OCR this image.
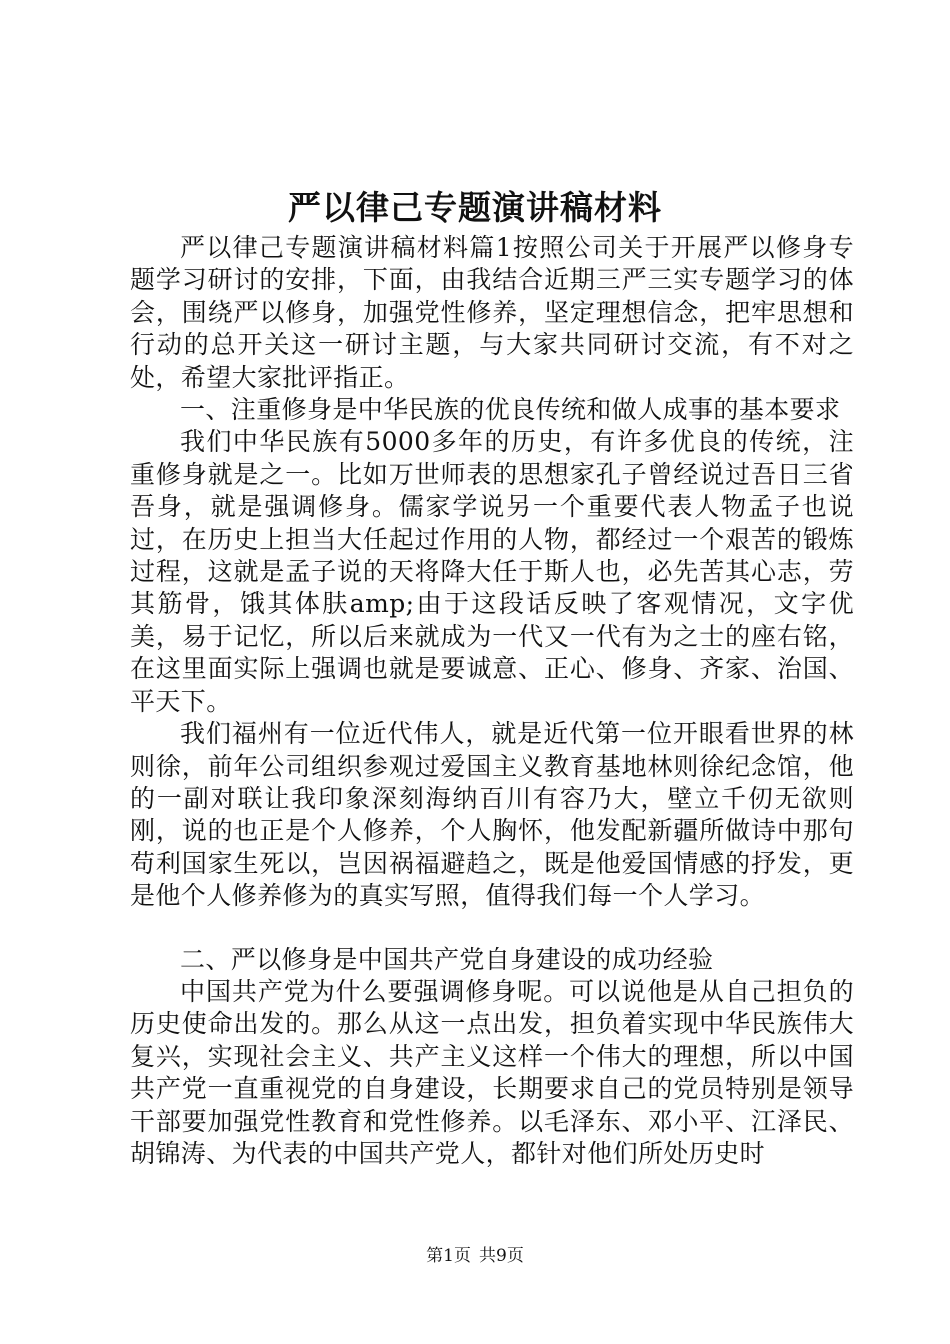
严以律己专题演讲稿材料

严以律己专题演讲稿材料篇1按照公司关于开展严以修身专题学习研讨的安排，下面，由我结合近期三严三实专题学习的体会，围绕严以修身，加强党性修养，坚定理想信念，把牢思想和行动的总开关这一研讨主题，与大家共同研讨交流，有不对之处，希望大家批评指正。

一、注重修身是中华民族的优良传统和做人成事的基本要求

我们中华民族有5000多年的历史，有许多优良的传统，注重修身就是之一。比如万世师表的思想家孔子曾经说过吾日三省吾身，就是强调修身。儒家学说另一个重要代表人物孟子也说过，在历史上担当大任起过作用的人物，都经过一个艰苦的锻炼过程，这就是孟子说的天将降大任于斯人也，必先苦其心志，劳其筋骨，饿其体肤amp;由于这段话反映了客观情况，文字优美，易于记忆，所以后来就成为一代又一代有为之士的座右铭，在这里面实际上强调也就是要诚意、正心、修身、齐家、治国、平天下。

我们福州有一位近代伟人，就是近代第一位开眼看世界的林则徐，前年公司组织参观过爱国主义教育基地林则徐纪念馆，他的一副对联让我印象深刻海纳百川有容乃大，壁立千仞无欲则刚，说的也正是个人修养，个人胸怀，他发配新疆所做诗中那句苟利国家生死以，岂因祸福避趋之，既是他爱国情感的抒发，更是他个人修养修为的真实写照，值得我们每一个人学习。

二、严以修身是中国共产党自身建设的成功经验

中国共产党为什么要强调修身呢。可以说他是从自己担负的历史使命出发的。那么从这一点出发，担负着实现中华民族伟大复兴，实现社会主义、共产主义这样一个伟大的理想，所以中国共产党一直重视党的自身建设，长期要求自己的党员特别是领导干部要加强党性教育和党性修养。以毛泽东、邓小平、江泽民、胡锦涛、为代表的中国共产党人，都针对他们所处历史时

第1页 共9页
